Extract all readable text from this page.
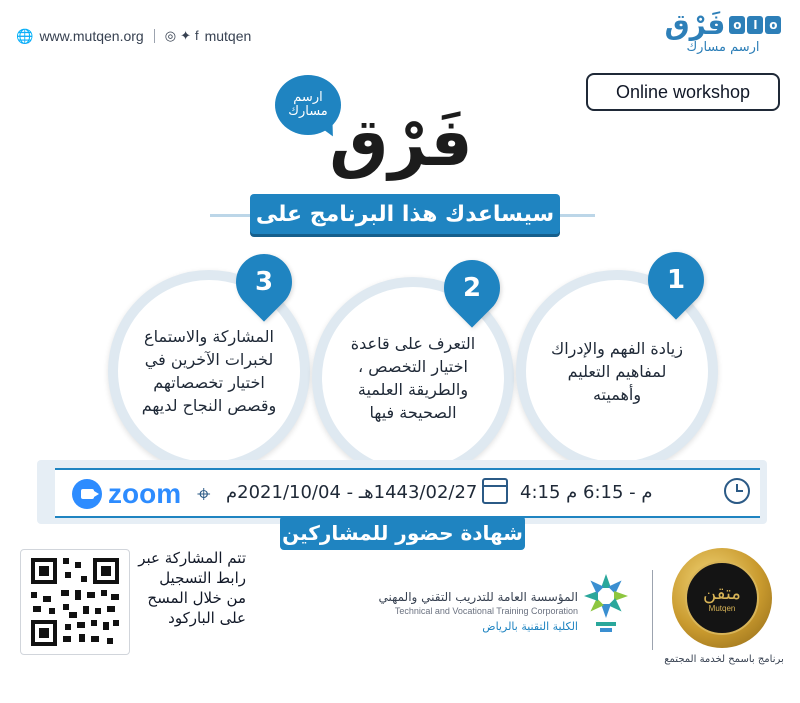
🌐 www.mutqen.org ◎ ✦ f mutqen	فَرْق o ا o
ارسم مسارك
Online workshop
ارسم
مسارك فَرْق
سيساعدك هذا البرنامج على
المشاركة والاستماع لخبرات الآخرين في اختيار تخصصاتهم وقصص النجاح لديهم
3
التعرف على قاعدة اختيار التخصص ، والطريقة العلمية الصحيحة فيها
2
زيادة الفهم والإدراك لمفاهيم التعليم وأهميته
1
zoom ⌖ 1443/02/27هـ - 2021/10/04م 4:15 م - 6:15 م
شهادة حضور للمشاركين
تتم المشاركة عبر رابط التسجيل من خلال المسح على الباركود
المؤسسة العامة للتدريب التقني والمهني
Technical and Vocational Training Corporation
الكلية التقنية بالرياض
متقن
Mutqen
برنامج باسمح لخدمة المجتمع
